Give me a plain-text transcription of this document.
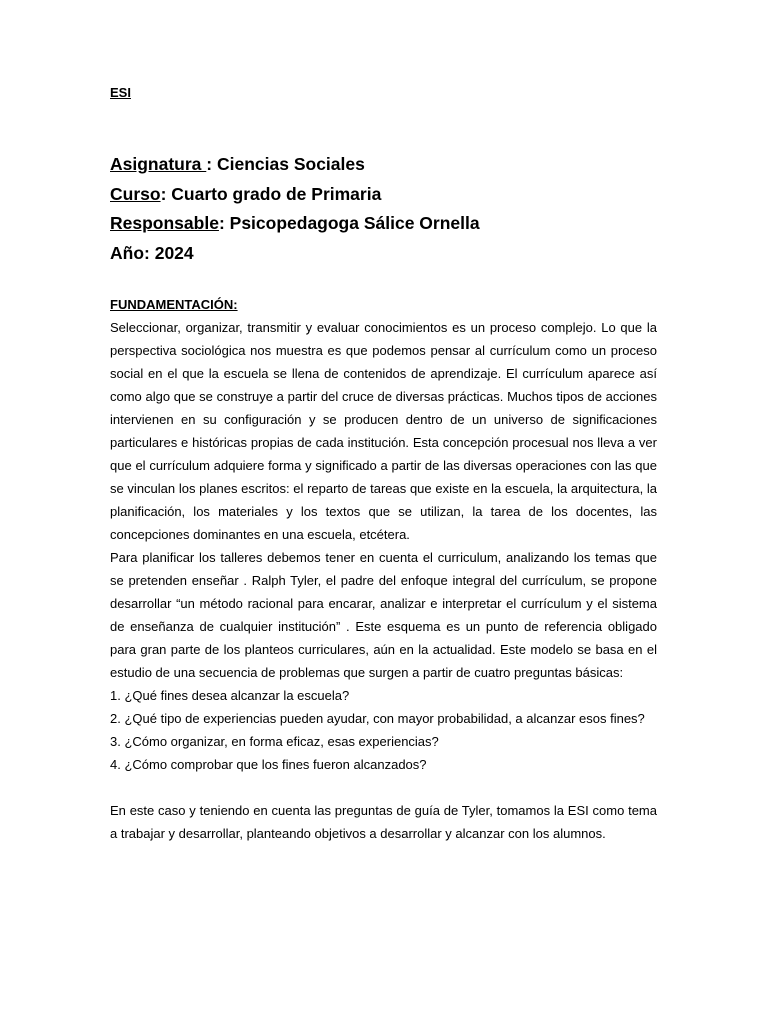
ESI
Asignatura : Ciencias Sociales
Curso: Cuarto grado de Primaria
Responsable: Psicopedagoga Sálice Ornella
Año: 2024
FUNDAMENTACIÓN:

Seleccionar, organizar, transmitir y evaluar conocimientos es un proceso complejo. Lo que la perspectiva sociológica nos muestra es que podemos pensar al currículum como un proceso social en el que la escuela se llena de contenidos de aprendizaje. El currículum aparece así como algo que se construye a partir del cruce de diversas prácticas. Muchos tipos de acciones intervienen en su configuración y se producen dentro de un universo de significaciones particulares e históricas propias de cada institución. Esta concepción procesual nos lleva a ver que el currículum adquiere forma y significado a partir de las diversas operaciones con las que se vinculan los planes escritos: el reparto de tareas que existe en la escuela, la arquitectura, la planificación, los materiales y los textos que se utilizan, la tarea de los docentes, las concepciones dominantes en una escuela, etcétera.

Para planificar los talleres debemos tener en cuenta el curriculum, analizando los temas que se pretenden enseñar . Ralph Tyler, el padre del enfoque integral del currículum, se propone desarrollar “un método racional para encarar, analizar e interpretar el currículum y el sistema de enseñanza de cualquier institución” . Este esquema es un punto de referencia obligado para gran parte de los planteos curriculares, aún en la actualidad. Este modelo se basa en el estudio de una secuencia de problemas que surgen a partir de cuatro preguntas básicas:

1. ¿Qué fines desea alcanzar la escuela?

2. ¿Qué tipo de experiencias pueden ayudar, con mayor probabilidad, a alcanzar esos fines?

3. ¿Cómo organizar, en forma eficaz, esas experiencias?

4. ¿Cómo comprobar que los fines fueron alcanzados?

En este caso y teniendo en cuenta las preguntas de guía de Tyler, tomamos la ESI como tema a trabajar y desarrollar, planteando objetivos a desarrollar y alcanzar con los alumnos.
